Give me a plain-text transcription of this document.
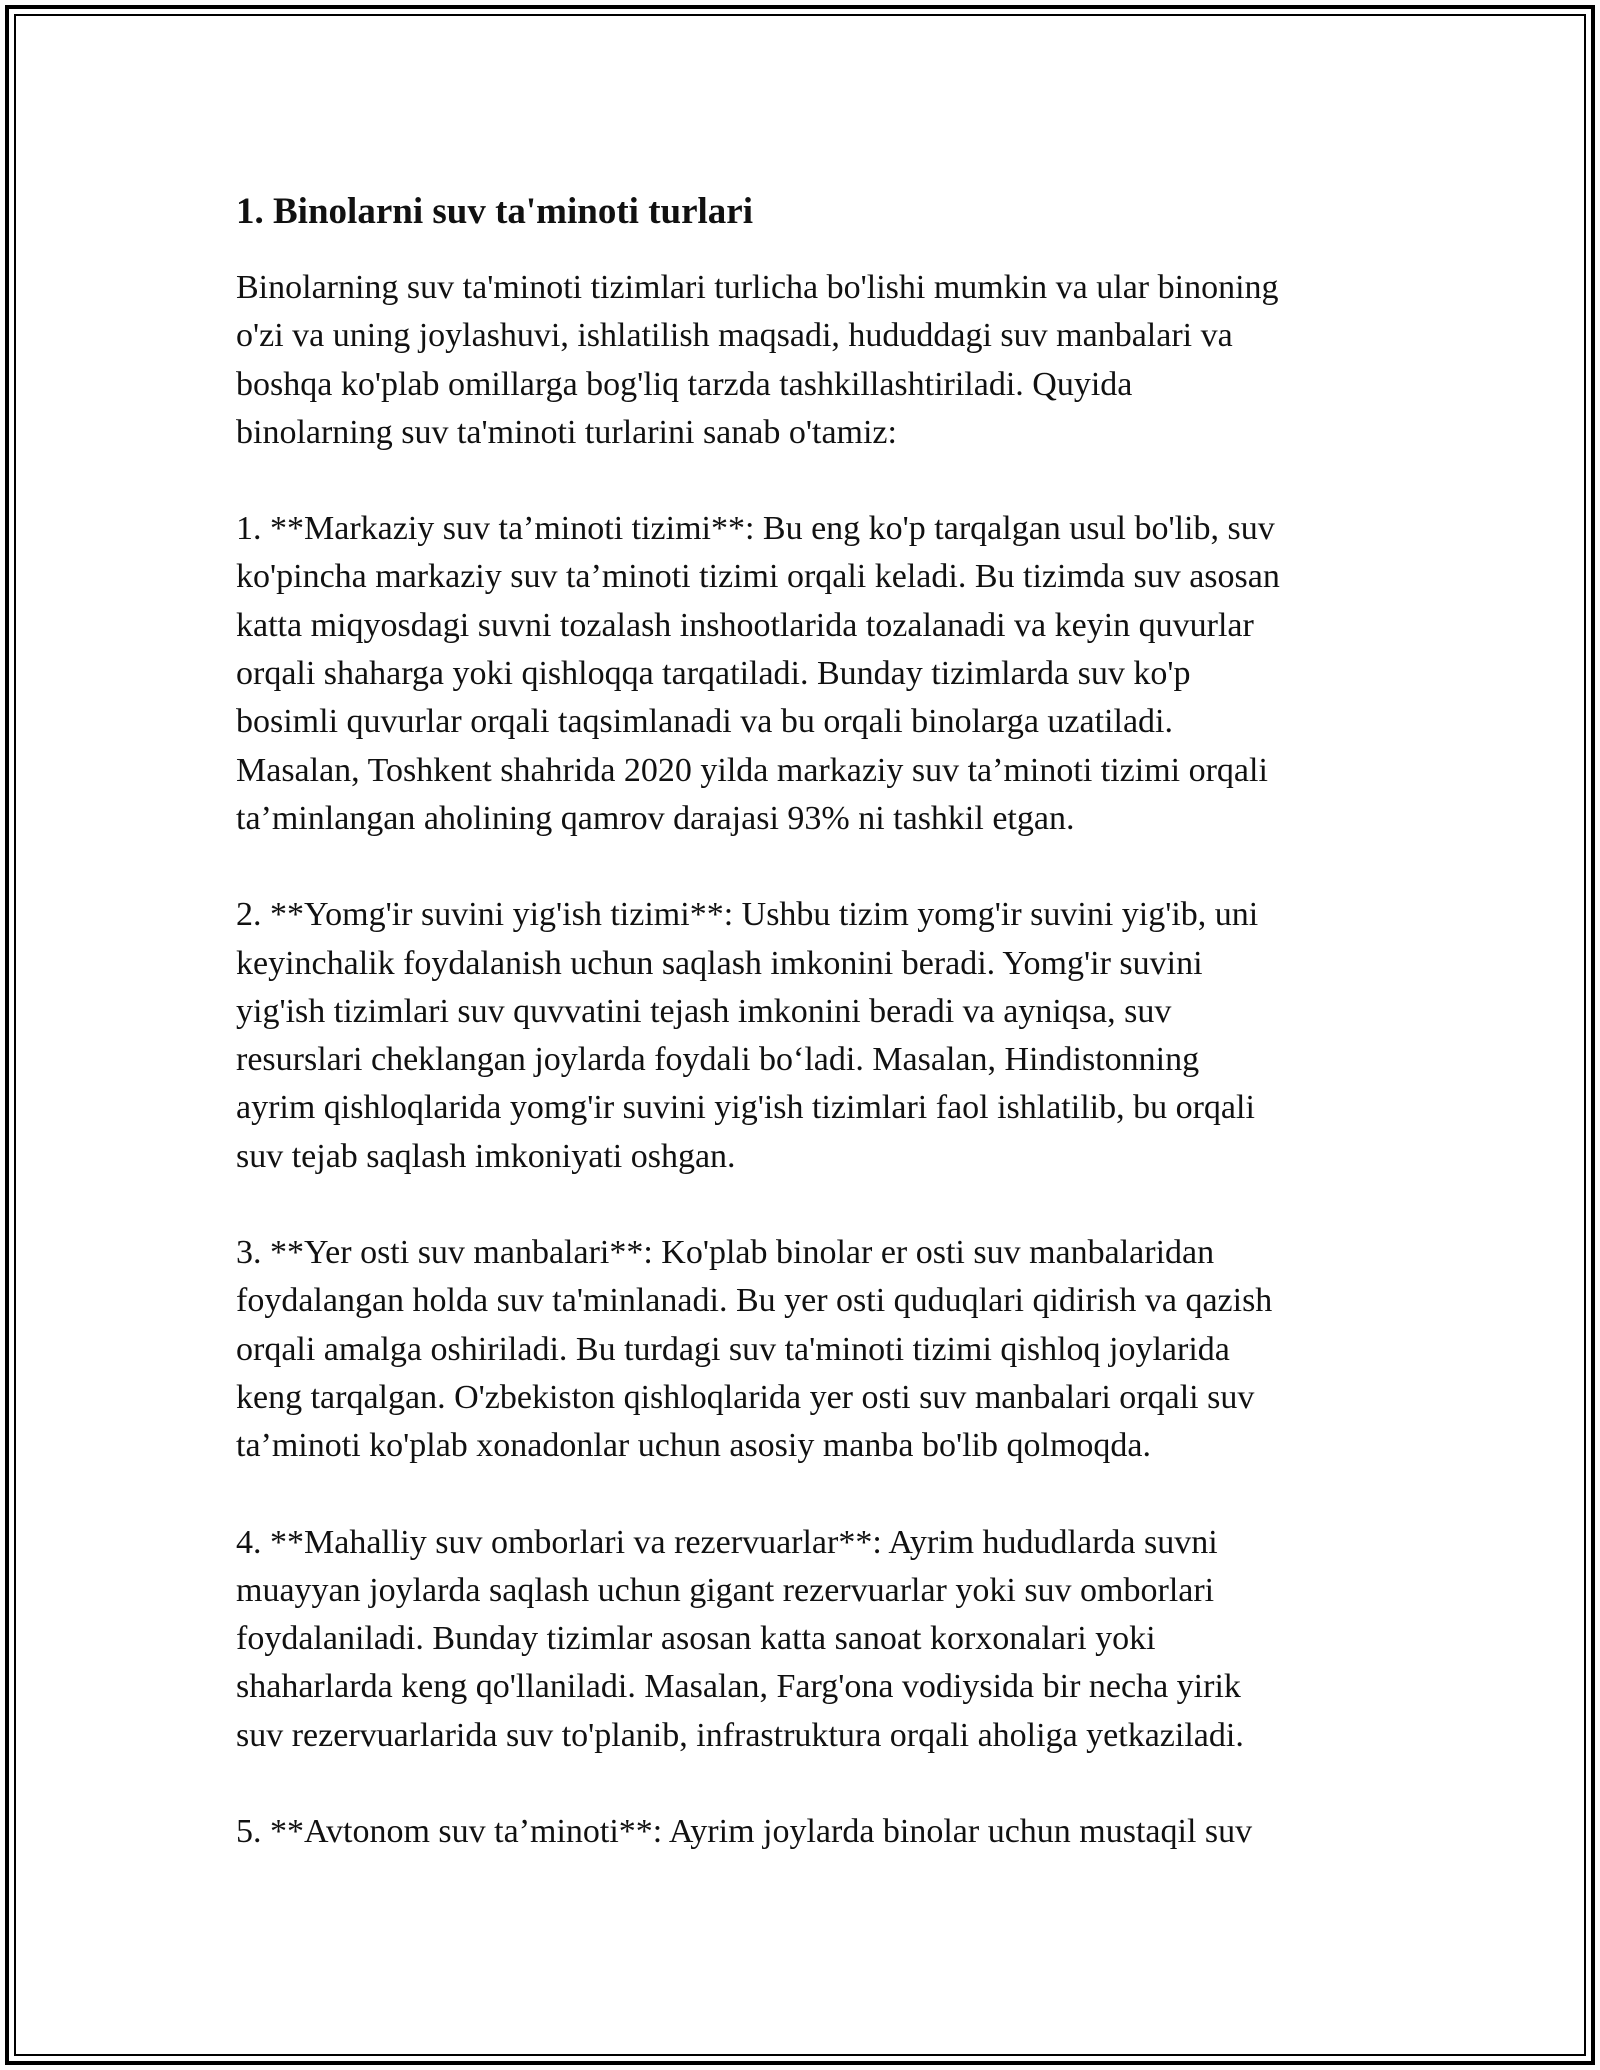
1. Binolarni suv ta'minoti turlari

Binolarning suv ta'minoti tizimlari turlicha bo'lishi mumkin va ular binoning
o'zi va uning joylashuvi, ishlatilish maqsadi, hududdagi suv manbalari va
boshqa ko'plab omillarga bog'liq tarzda tashkillashtiriladi. Quyida
binolarning suv ta'minoti turlarini sanab o'tamiz:

1. **Markaziy suv ta’minoti tizimi**: Bu eng ko'p tarqalgan usul bo'lib, suv
ko'pincha markaziy suv ta’minoti tizimi orqali keladi. Bu tizimda suv asosan
katta miqyosdagi suvni tozalash inshootlarida tozalanadi va keyin quvurlar
orqali shaharga yoki qishloqqa tarqatiladi. Bunday tizimlarda suv ko'p
bosimli quvurlar orqali taqsimlanadi va bu orqali binolarga uzatiladi.
Masalan, Toshkent shahrida 2020 yilda markaziy suv ta’minoti tizimi orqali
ta’minlangan aholining qamrov darajasi 93% ni tashkil etgan.

2. **Yomg'ir suvini yig'ish tizimi**: Ushbu tizim yomg'ir suvini yig'ib, uni
keyinchalik foydalanish uchun saqlash imkonini beradi. Yomg'ir suvini
yig'ish tizimlari suv quvvatini tejash imkonini beradi va ayniqsa, suv
resurslari cheklangan joylarda foydali bo‘ladi. Masalan, Hindistonning
ayrim qishloqlarida yomg'ir suvini yig'ish tizimlari faol ishlatilib, bu orqali
suv tejab saqlash imkoniyati oshgan.

3. **Yer osti suv manbalari**: Ko'plab binolar er osti suv manbalaridan
foydalangan holda suv ta'minlanadi. Bu yer osti quduqlari qidirish va qazish
orqali amalga oshiriladi. Bu turdagi suv ta'minoti tizimi qishloq joylarida
keng tarqalgan. O'zbekiston qishloqlarida yer osti suv manbalari orqali suv
ta’minoti ko'plab xonadonlar uchun asosiy manba bo'lib qolmoqda.

4. **Mahalliy suv omborlari va rezervuarlar**: Ayrim hududlarda suvni
muayyan joylarda saqlash uchun gigant rezervuarlar yoki suv omborlari
foydalaniladi. Bunday tizimlar asosan katta sanoat korxonalari yoki
shaharlarda keng qo'llaniladi. Masalan, Farg'ona vodiysida bir necha yirik
suv rezervuarlarida suv to'planib, infrastruktura orqali aholiga yetkaziladi.

5. **Avtonom suv ta’minoti**: Ayrim joylarda binolar uchun mustaqil suv
